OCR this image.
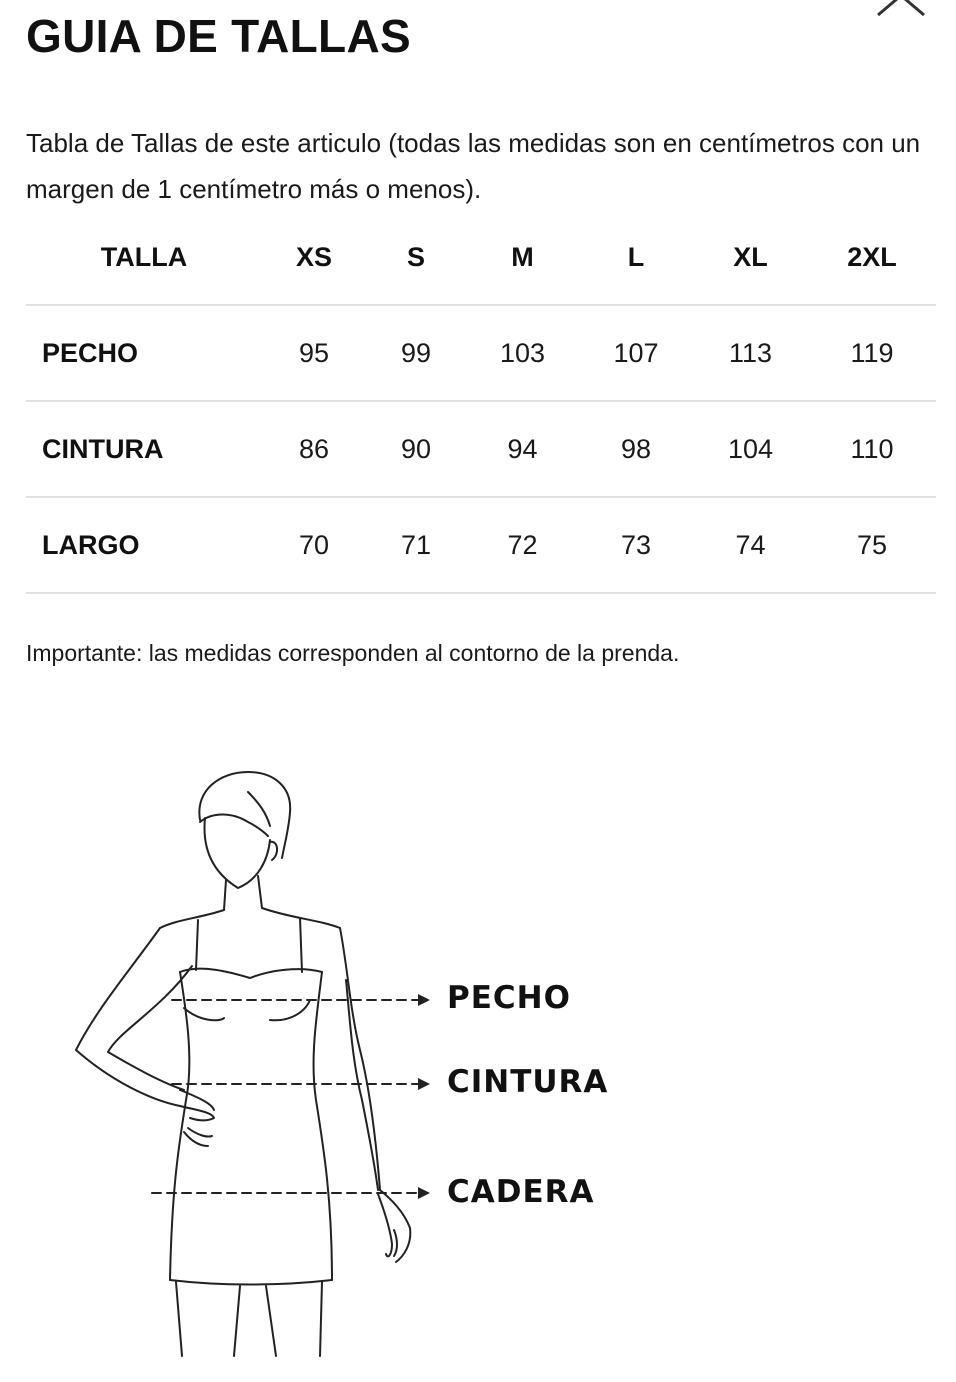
GUIA DE TALLAS

Tabla de Tallas de este articulo (todas las medidas son en centímetros con un margen de 1 centímetro más o menos).

TALLA	XS	S	M	L	XL	2XL
PECHO	95	99	103	107	113	119
CINTURA	86	90	94	98	104	110
LARGO	70	71	72	73	74	75

Importante: las medidas corresponden al contorno de la prenda.

PECHO
CINTURA
CADERA
